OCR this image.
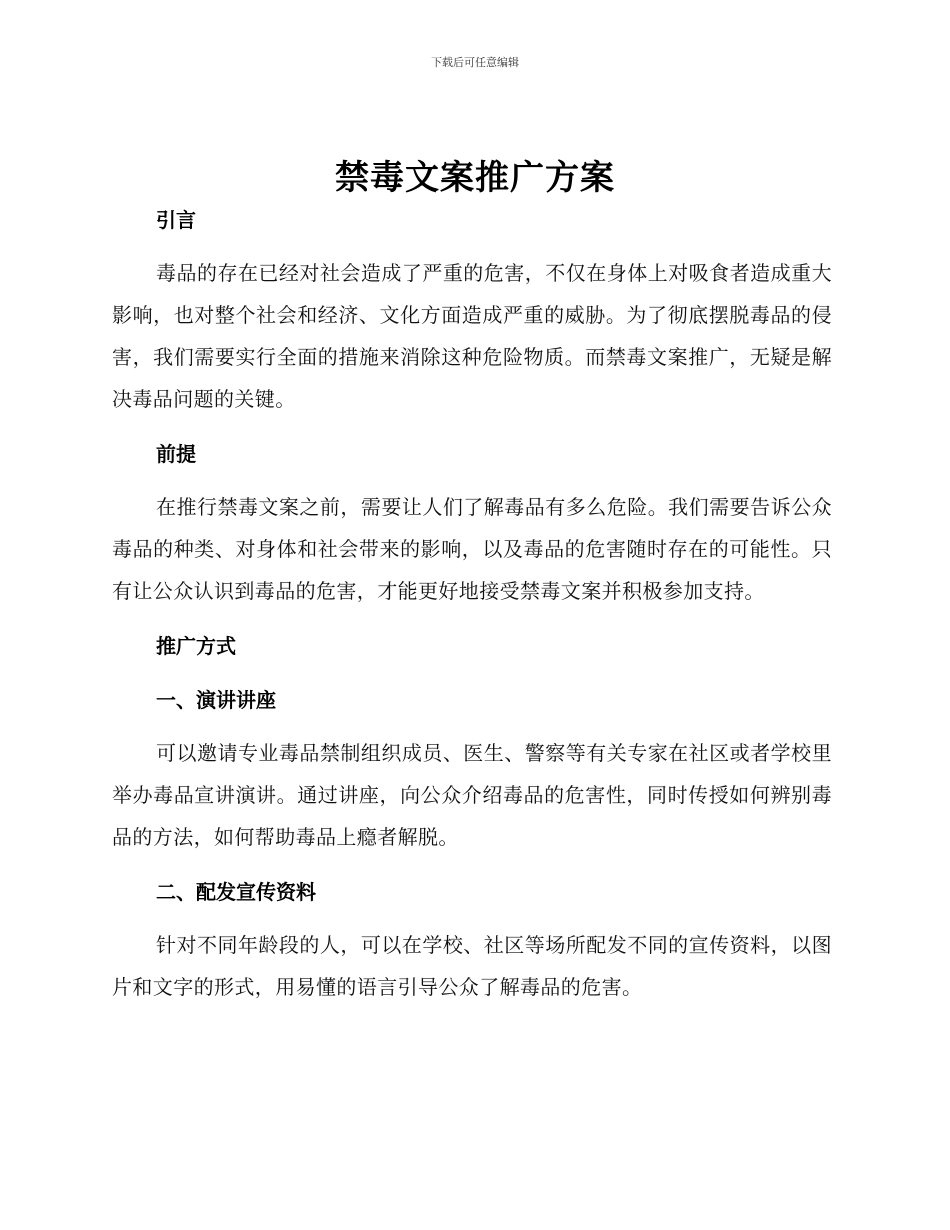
下载后可任意编辑
禁毒文案推广方案
引言
毒品的存在已经对社会造成了严重的危害，不仅在身体上对吸食者造成重大影响，也对整个社会和经济、文化方面造成严重的威胁。为了彻底摆脱毒品的侵害，我们需要实行全面的措施来消除这种危险物质。而禁毒文案推广，无疑是解决毒品问题的关键。
前提
在推行禁毒文案之前，需要让人们了解毒品有多么危险。我们需要告诉公众毒品的种类、对身体和社会带来的影响，以及毒品的危害随时存在的可能性。只有让公众认识到毒品的危害，才能更好地接受禁毒文案并积极参加支持。
推广方式
一、演讲讲座
可以邀请专业毒品禁制组织成员、医生、警察等有关专家在社区或者学校里举办毒品宣讲演讲。通过讲座，向公众介绍毒品的危害性，同时传授如何辨别毒品的方法，如何帮助毒品上瘾者解脱。
二、配发宣传资料
针对不同年龄段的人，可以在学校、社区等场所配发不同的宣传资料，以图片和文字的形式，用易懂的语言引导公众了解毒品的危害。
